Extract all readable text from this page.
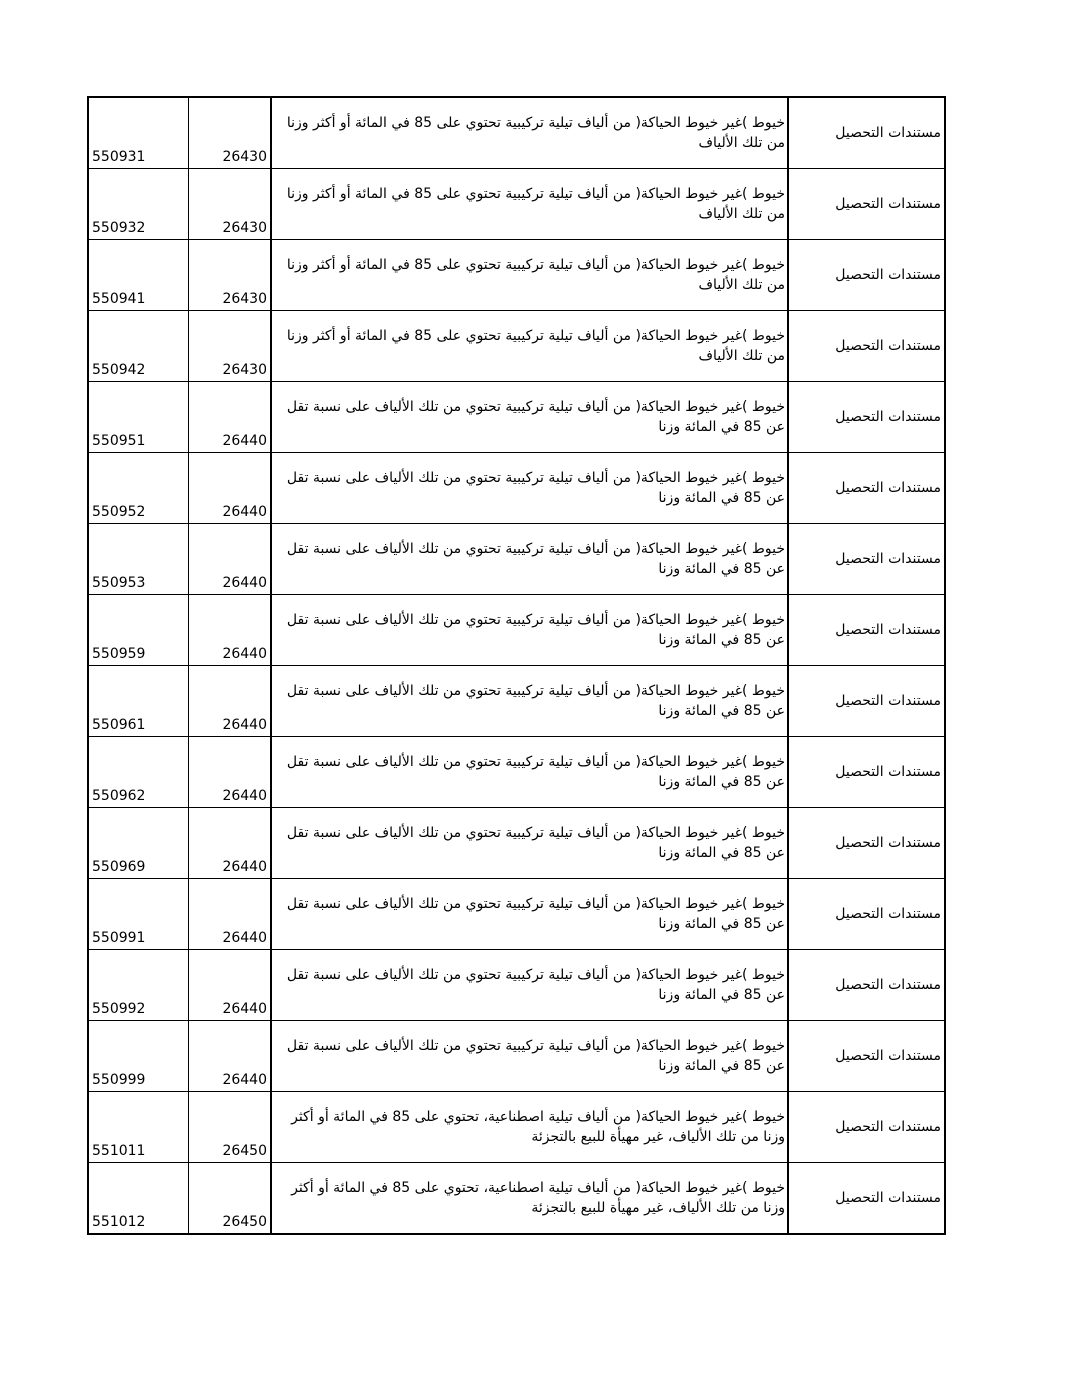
550931	26430	خيوط )غير خيوط الحياكة( من ألياف تيلية تركيبية تحتوي على 85 في المائة أو أكثر وزنا من تلك الألياف	مستندات التحصيل
550932	26430	خيوط )غير خيوط الحياكة( من ألياف تيلية تركيبية تحتوي على 85 في المائة أو أكثر وزنا من تلك الألياف	مستندات التحصيل
550941	26430	خيوط )غير خيوط الحياكة( من ألياف تيلية تركيبية تحتوي على 85 في المائة أو أكثر وزنا من تلك الألياف	مستندات التحصيل
550942	26430	خيوط )غير خيوط الحياكة( من ألياف تيلية تركيبية تحتوي على 85 في المائة أو أكثر وزنا من تلك الألياف	مستندات التحصيل
550951	26440	خيوط )غير خيوط الحياكة( من ألياف تيلية تركيبية تحتوي من تلك الألياف على نسبة تقل عن 85 في المائة وزنا	مستندات التحصيل
550952	26440	خيوط )غير خيوط الحياكة( من ألياف تيلية تركيبية تحتوي من تلك الألياف على نسبة تقل عن 85 في المائة وزنا	مستندات التحصيل
550953	26440	خيوط )غير خيوط الحياكة( من ألياف تيلية تركيبية تحتوي من تلك الألياف على نسبة تقل عن 85 في المائة وزنا	مستندات التحصيل
550959	26440	خيوط )غير خيوط الحياكة( من ألياف تيلية تركيبية تحتوي من تلك الألياف على نسبة تقل عن 85 في المائة وزنا	مستندات التحصيل
550961	26440	خيوط )غير خيوط الحياكة( من ألياف تيلية تركيبية تحتوي من تلك الألياف على نسبة تقل عن 85 في المائة وزنا	مستندات التحصيل
550962	26440	خيوط )غير خيوط الحياكة( من ألياف تيلية تركيبية تحتوي من تلك الألياف على نسبة تقل عن 85 في المائة وزنا	مستندات التحصيل
550969	26440	خيوط )غير خيوط الحياكة( من ألياف تيلية تركيبية تحتوي من تلك الألياف على نسبة تقل عن 85 في المائة وزنا	مستندات التحصيل
550991	26440	خيوط )غير خيوط الحياكة( من ألياف تيلية تركيبية تحتوي من تلك الألياف على نسبة تقل عن 85 في المائة وزنا	مستندات التحصيل
550992	26440	خيوط )غير خيوط الحياكة( من ألياف تيلية تركيبية تحتوي من تلك الألياف على نسبة تقل عن 85 في المائة وزنا	مستندات التحصيل
550999	26440	خيوط )غير خيوط الحياكة( من ألياف تيلية تركيبية تحتوي من تلك الألياف على نسبة تقل عن 85 في المائة وزنا	مستندات التحصيل
551011	26450	خيوط )غير خيوط الحياكة( من ألياف تيلية اصطناعية، تحتوي على 85 في المائة أو أكثر وزنا من تلك الألياف، غير مهيأة للبيع بالتجزئة	مستندات التحصيل
551012	26450	خيوط )غير خيوط الحياكة( من ألياف تيلية اصطناعية، تحتوي على 85 في المائة أو أكثر وزنا من تلك الألياف، غير مهيأة للبيع بالتجزئة	مستندات التحصيل
